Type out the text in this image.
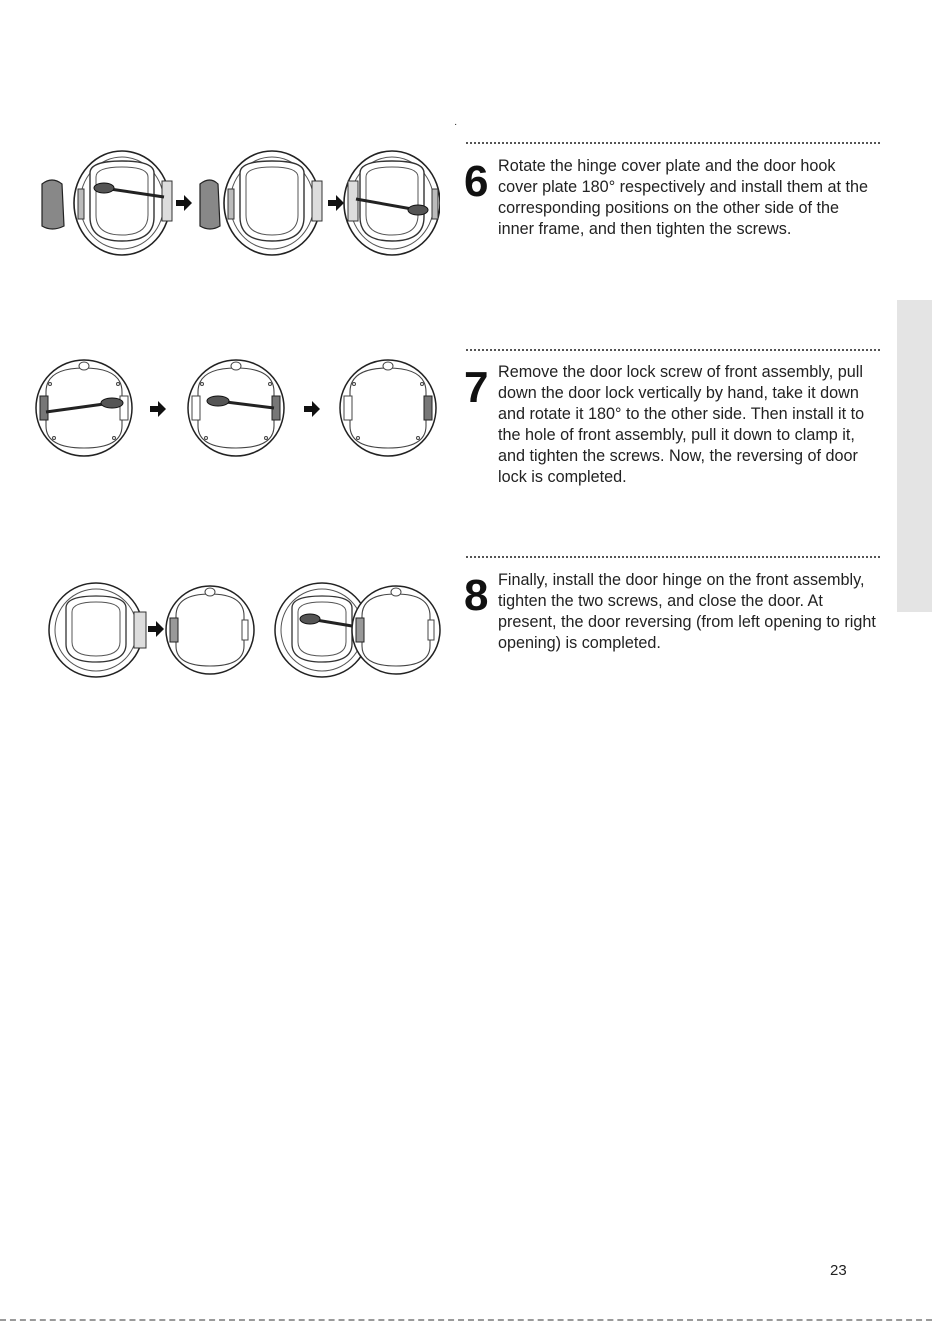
·
6 Rotate the hinge cover plate and the door hook cover plate 180° respectively and install them at the corresponding positions on the other side of the inner frame, and then tighten the screws.
7 Remove the door lock screw of front assembly, pull down the door lock vertically by hand, take it down and rotate it 180° to the other side. Then install it to the hole of front assembly, pull it down to clamp it, and tighten the screws. Now, the reversing of door lock is completed.
8 Finally, install the door hinge on the front assembly, tighten the two screws, and close the door. At present, the door reversing (from left opening to right opening) is completed.
23
